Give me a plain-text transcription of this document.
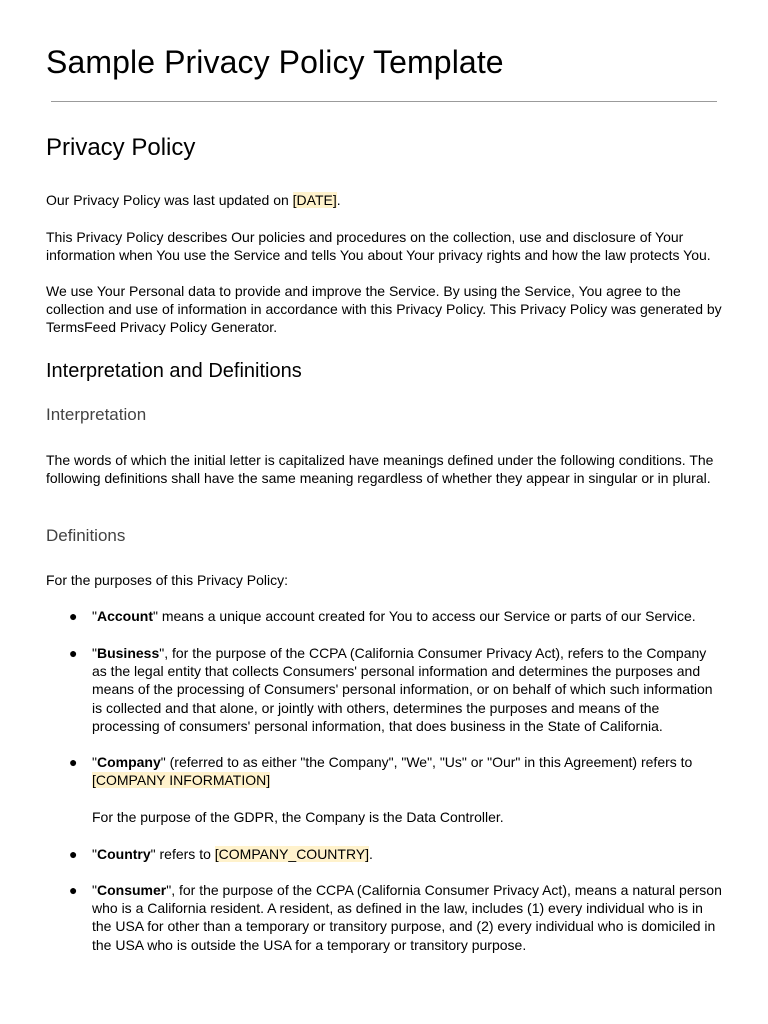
Sample Privacy Policy Template
Privacy Policy

Our Privacy Policy was last updated on [DATE].

This Privacy Policy describes Our policies and procedures on the collection, use and disclosure of Your information when You use the Service and tells You about Your privacy rights and how the law protects You.

We use Your Personal data to provide and improve the Service. By using the Service, You agree to the collection and use of information in accordance with this Privacy Policy. This Privacy Policy was generated by TermsFeed Privacy Policy Generator.

Interpretation and Definitions
Interpretation

The words of which the initial letter is capitalized have meanings defined under the following conditions. The following definitions shall have the same meaning regardless of whether they appear in singular or in plural.

Definitions

For the purposes of this Privacy Policy:

● "Account" means a unique account created for You to access our Service or parts of our Service.

● "Business", for the purpose of the CCPA (California Consumer Privacy Act), refers to the Company as the legal entity that collects Consumers' personal information and determines the purposes and means of the processing of Consumers' personal information, or on behalf of which such information is collected and that alone, or jointly with others, determines the purposes and means of the processing of consumers' personal information, that does business in the State of California.

● "Company" (referred to as either "the Company", "We", "Us" or "Our" in this Agreement) refers to [COMPANY INFORMATION]

For the purpose of the GDPR, the Company is the Data Controller.

● "Country" refers to [COMPANY_COUNTRY].

● "Consumer", for the purpose of the CCPA (California Consumer Privacy Act), means a natural person who is a California resident. A resident, as defined in the law, includes (1) every individual who is in the USA for other than a temporary or transitory purpose, and (2) every individual who is domiciled in the USA who is outside the USA for a temporary or transitory purpose.
